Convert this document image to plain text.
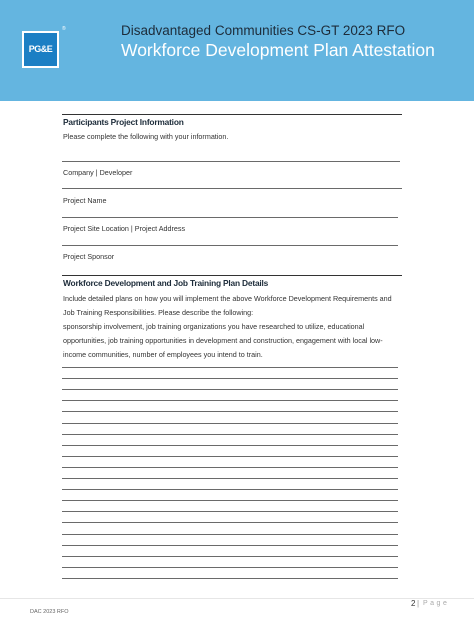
PG&E
®	Disadvantaged Communities CS-GT 2023 RFO
Workforce Development Plan Attestation
Participants Project Information
Please complete the following with your information.
Company | Developer
Project Name
Project Site Location | Project Address
Project Sponsor
Workforce Development and Job Training Plan Details
Include detailed plans on how you will implement the above Workforce Development Requirements and
Job Training Responsibilities. Please describe the following:
sponsorship involvement, job training organizations you have researched to utilize, educational
opportunities, job training opportunities in development and construction, engagement with local low-
income communities, number of employees you intend to train.
DAC 2023 RFO
2 | Page
